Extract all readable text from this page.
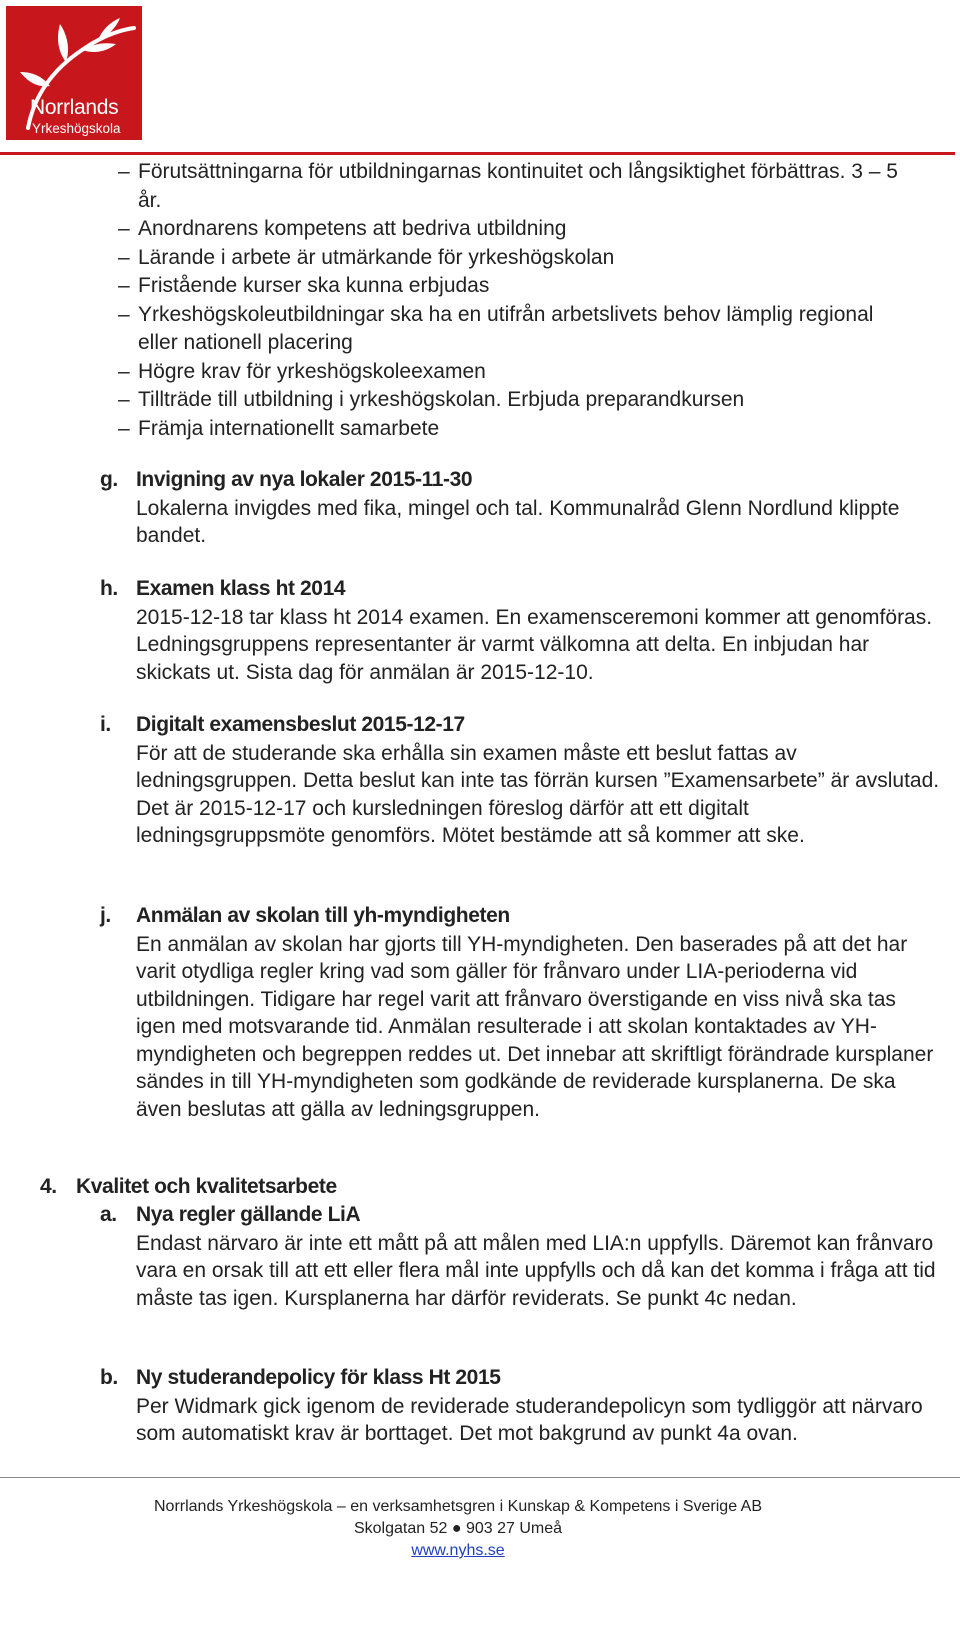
Norrlands
Yrkeshögskola
– Förutsättningarna för utbildningarnas kontinuitet och långsiktighet förbättras. 3 – 5 år.
– Anordnarens kompetens att bedriva utbildning
– Lärande i arbete är utmärkande för yrkeshögskolan
– Fristående kurser ska kunna erbjudas
– Yrkeshögskoleutbildningar ska ha en utifrån arbetslivets behov lämplig regional eller nationell placering
– Högre krav för yrkeshögskoleexamen
– Tillträde till utbildning i yrkeshögskolan. Erbjuda preparandkursen
– Främja internationellt samarbete
g. Invigning av nya lokaler 2015-11-30
Lokalerna invigdes med fika, mingel och tal. Kommunalråd Glenn Nordlund klippte bandet.
h. Examen klass ht 2014
2015-12-18 tar klass ht 2014 examen. En examensceremoni kommer att genomföras. Ledningsgruppens representanter är varmt välkomna att delta. En inbjudan har skickats ut. Sista dag för anmälan är 2015-12-10.
i.	Digitalt examensbeslut 2015-12-17
För att de studerande ska erhålla sin examen måste ett beslut fattas av ledningsgruppen. Detta beslut kan inte tas förrän kursen ”Examensarbete” är avslutad. Det är 2015-12-17 och kursledningen föreslog därför att ett digitalt ledningsgruppsmöte genomförs. Mötet bestämde att så kommer att ske.
j.	Anmälan av skolan till yh-myndigheten
En anmälan av skolan har gjorts till YH-myndigheten. Den baserades på att det har varit otydliga regler kring vad som gäller för frånvaro under LIA-perioderna vid utbildningen. Tidigare har regel varit att frånvaro överstigande en viss nivå ska tas igen med motsvarande tid. Anmälan resulterade i att skolan kontaktades av YH-myndigheten och begreppen reddes ut. Det innebar att skriftligt förändrade kursplaner sändes in till YH-myndigheten som godkände de reviderade kursplanerna. De ska även beslutas att gälla av ledningsgruppen.
4. Kvalitet och kvalitetsarbete
a. Nya regler gällande LiA
Endast närvaro är inte ett mått på att målen med LIA:n uppfylls. Däremot kan frånvaro vara en orsak till att ett eller flera mål inte uppfylls och då kan det komma i fråga att tid måste tas igen. Kursplanerna har därför reviderats. Se punkt 4c nedan.
b. Ny studerandepolicy för klass Ht 2015
Per Widmark gick igenom de reviderade studerandepolicyn som tydliggör att närvaro som automatiskt krav är borttaget. Det mot bakgrund av punkt 4a ovan.
Norrlands Yrkeshögskola – en verksamhetsgren i Kunskap & Kompetens i Sverige AB
Skolgatan 52 ● 903 27 Umeå
www.nyhs.se
